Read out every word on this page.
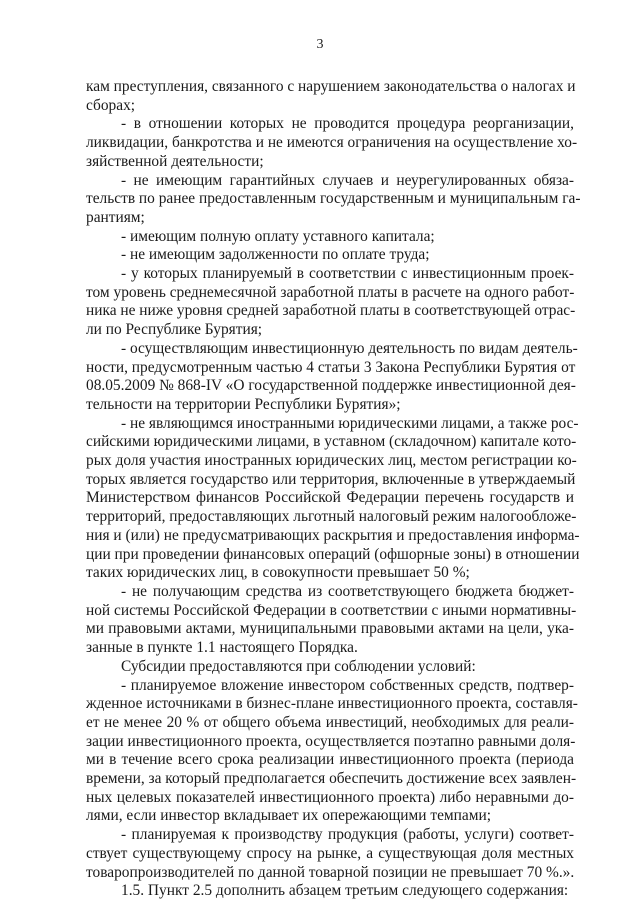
3
кам преступления, связанного с нарушением законодательства о налогах и
сборах;
- в отношении которых не проводится процедура реорганизации,
ликвидации, банкротства и не имеются ограничения на осуществление хо-
зяйственной деятельности;
- не имеющим гарантийных случаев и неурегулированных обяза-
тельств по ранее предоставленным государственным и муниципальным га-
рантиям;
- имеющим полную оплату уставного капитала;
- не имеющим задолженности по оплате труда;
- у которых планируемый в соответствии с инвестиционным проек-
том уровень среднемесячной заработной платы в расчете на одного работ-
ника не ниже уровня средней заработной платы в соответствующей отрас-
ли по Республике Бурятия;
- осуществляющим инвестиционную деятельность по видам деятель-
ности, предусмотренным частью 4 статьи 3 Закона Республики Бурятия от
08.05.2009 № 868-IV «О государственной поддержке инвестиционной дея-
тельности на территории Республики Бурятия»;
- не являющимся иностранными юридическими лицами, а также рос-
сийскими юридическими лицами, в уставном (складочном) капитале кото-
рых доля участия иностранных юридических лиц, местом регистрации ко-
торых является государство или территория, включенные в утверждаемый
Министерством финансов Российской Федерации перечень государств и
территорий, предоставляющих льготный налоговый режим налогообложе-
ния и (или) не предусматривающих раскрытия и предоставления информа-
ции при проведении финансовых операций (офшорные зоны) в отношении
таких юридических лиц, в совокупности превышает 50 %;
- не получающим средства из соответствующего бюджета бюджет-
ной системы Российской Федерации в соответствии с иными нормативны-
ми правовыми актами, муниципальными правовыми актами на цели, ука-
занные в пункте 1.1 настоящего Порядка.
Субсидии предоставляются при соблюдении условий:
- планируемое вложение инвестором собственных средств, подтвер-
жденное источниками в бизнес-плане инвестиционного проекта, составля-
ет не менее 20 % от общего объема инвестиций, необходимых для реали-
зации инвестиционного проекта, осуществляется поэтапно равными доля-
ми в течение всего срока реализации инвестиционного проекта (периода
времени, за который предполагается обеспечить достижение всех заявлен-
ных целевых показателей инвестиционного проекта) либо неравными до-
лями, если инвестор вкладывает их опережающими темпами;
- планируемая к производству продукция (работы, услуги) соответ-
ствует существующему спросу на рынке, а существующая доля местных
товаропроизводителей по данной товарной позиции не превышает 70 %.».
1.5. Пункт 2.5 дополнить абзацем третьим следующего содержания:
